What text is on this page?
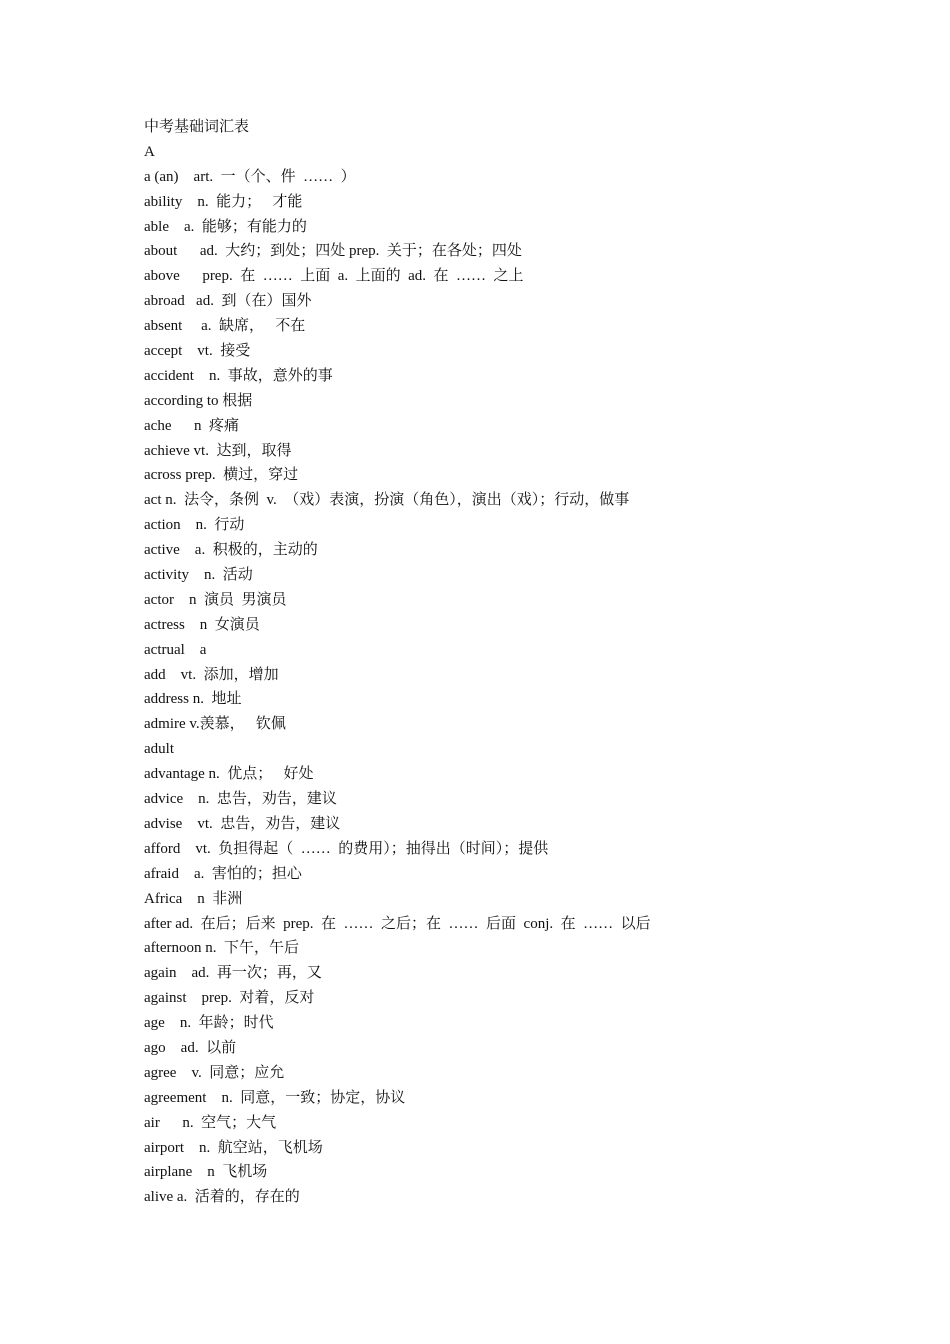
中考基础词汇表
A
a (an)    art.  一（个、件  ……  ）
ability    n.  能力；   才能
able    a.  能够；有能力的
about      ad.  大约；到处；四处 prep.  关于；在各处；四处
above      prep.  在  ……  上面  a.  上面的  ad.  在  ……  之上
abroad   ad.  到（在）国外
absent     a.  缺席，   不在
accept    vt.  接受
accident    n.  事故，意外的事
according to 根据
ache      n  疼痛
achieve vt.  达到，取得
across prep.  横过，穿过
act n.  法令，条例  v.  （戏）表演，扮演（角色），演出（戏）；行动，做事
action    n.  行动
active    a.  积极的，主动的
activity    n.  活动
actor    n  演员  男演员
actress    n  女演员
actrual    a
add    vt.  添加，增加
address n.  地址
admire v.羡慕，   钦佩
adult
advantage n.  优点；   好处
advice    n.  忠告，劝告，建议
advise    vt.  忠告，劝告，建议
afford    vt.  负担得起（  ……  的费用）；抽得出（时间）；提供
afraid    a.  害怕的；担心
Africa    n  非洲
after ad.  在后；后来  prep.  在  ……  之后；在  ……  后面  conj.  在  ……  以后
afternoon n.  下午，午后
again    ad.  再一次；再，又
against    prep.  对着，反对
age    n.  年龄；时代
ago    ad.  以前
agree    v.  同意；应允
agreement    n.  同意，一致；协定，协议
air      n.  空气；大气
airport    n.  航空站，飞机场
airplane    n  飞机场
alive a.  活着的，存在的
